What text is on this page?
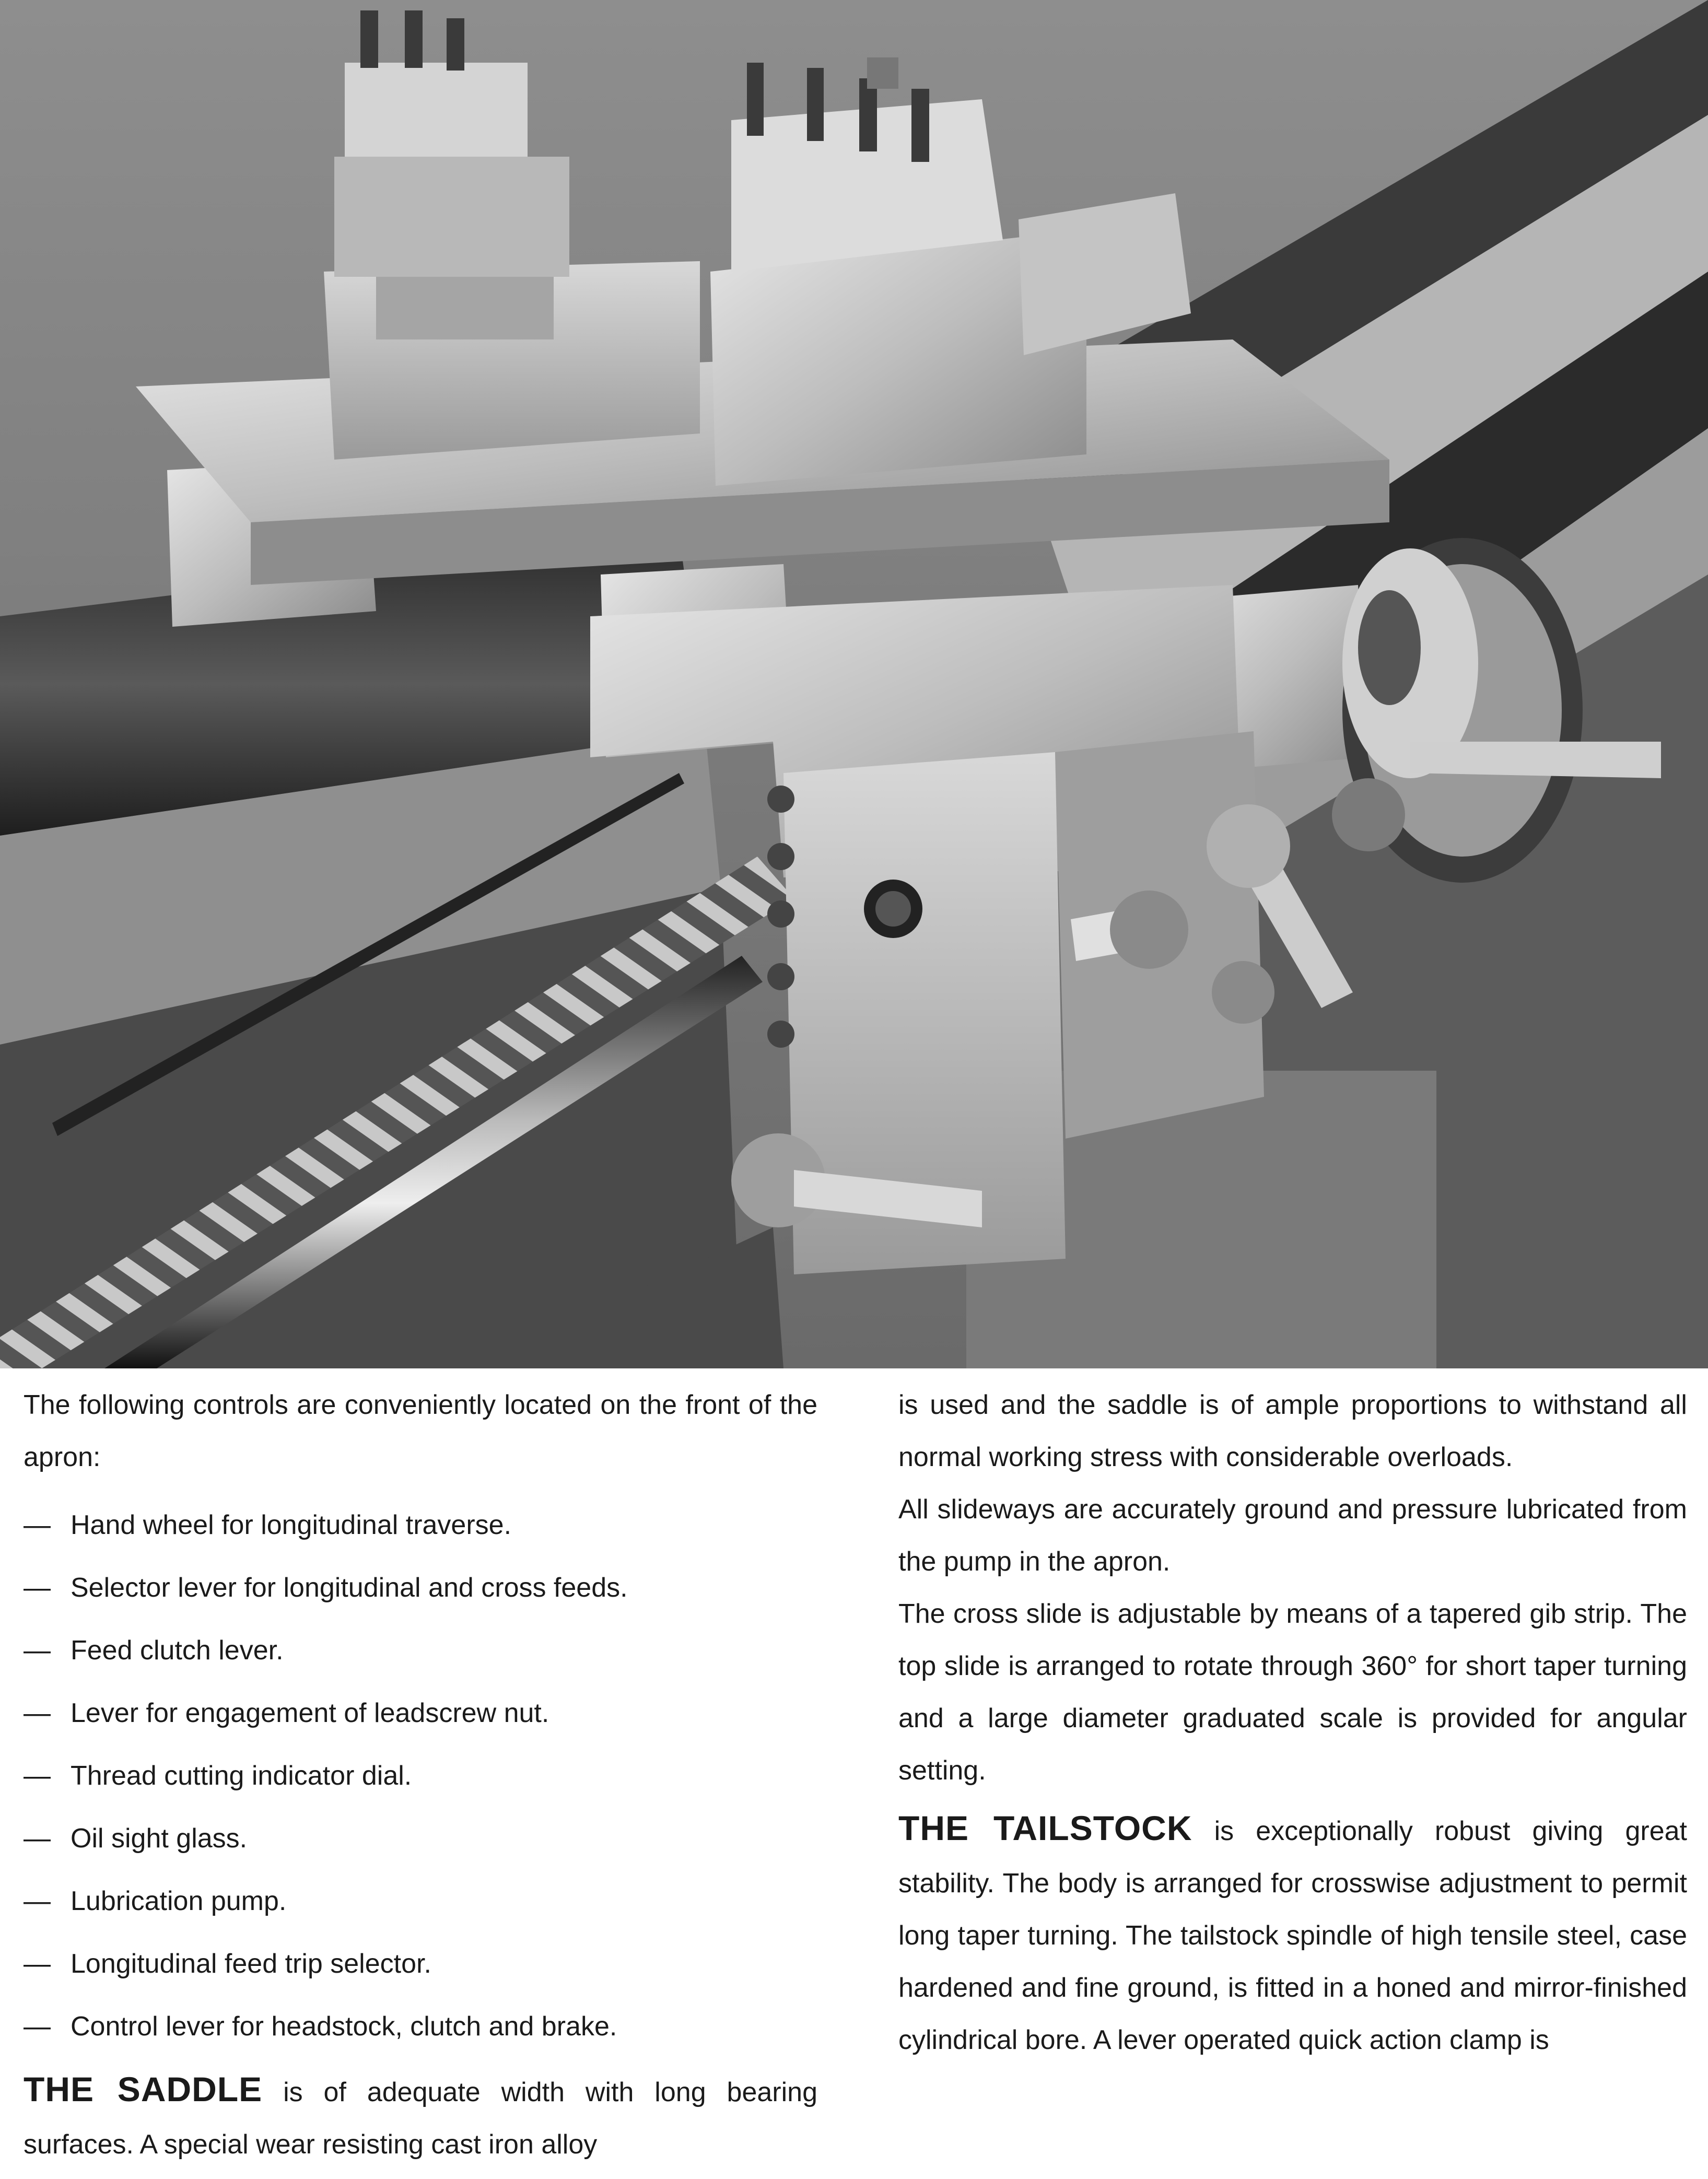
The following controls are conveniently located on the front of the apron:

— Hand wheel for longitudinal traverse.
— Selector lever for longitudinal and cross feeds.
— Feed clutch lever.
— Lever for engagement of leadscrew nut.
— Thread cutting indicator dial.
— Oil sight glass.
— Lubrication pump.
— Longitudinal feed trip selector.
— Control lever for headstock, clutch and brake.

THE SADDLE is of adequate width with long bearing surfaces. A special wear resisting cast iron alloy

is used and the saddle is of ample proportions to withstand all normal working stress with considerable overloads.

All slideways are accurately ground and pressure lubricated from the pump in the apron.

The cross slide is adjustable by means of a tapered gib strip. The top slide is arranged to rotate through 360° for short taper turning and a large diameter graduated scale is provided for angular setting.

THE TAILSTOCK is exceptionally robust giving great stability. The body is arranged for crosswise adjustment to permit long taper turning. The tailstock spindle of high tensile steel, case hardened and fine ground, is fitted in a honed and mirror-finished cylindrical bore. A lever operated quick action clamp is
